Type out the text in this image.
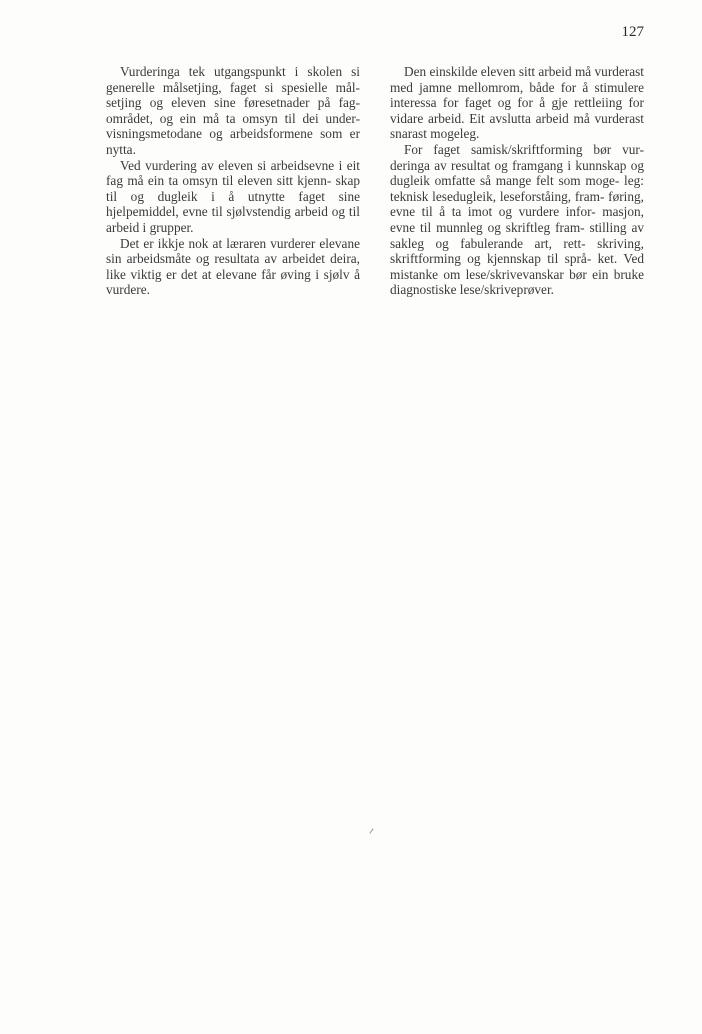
127

Vurderinga tek utgangspunkt i skolen si generelle målsetjing, faget si spesielle mål- setjing og eleven sine føresetnader på fag- området, og ein må ta omsyn til dei under- visningsmetodane og arbeidsformene som er nytta.

Ved vurdering av eleven si arbeidsevne i eit fag må ein ta omsyn til eleven sitt kjenn- skap til og dugleik i å utnytte faget sine hjelpemiddel, evne til sjølvstendig arbeid og til arbeid i grupper.

Det er ikkje nok at læraren vurderer elevane sin arbeidsmåte og resultata av arbeidet deira, like viktig er det at elevane får øving i sjølv å vurdere.

Den einskilde eleven sitt arbeid må vurderast med jamne mellomrom, både for å stimulere interessa for faget og for å gje rettleiing for vidare arbeid. Eit avslutta arbeid må vurderast snarast mogeleg.

For faget samisk/skriftforming bør vur- deringa av resultat og framgang i kunnskap og dugleik omfatte så mange felt som moge- leg: teknisk lesedugleik, leseforståing, fram- føring, evne til å ta imot og vurdere infor- masjon, evne til munnleg og skriftleg fram- stilling av sakleg og fabulerande art, rett- skriving, skriftforming og kjennskap til språ- ket. Ved mistanke om lese/skrivevanskar bør ein bruke diagnostiske lese/skriveprøver.
